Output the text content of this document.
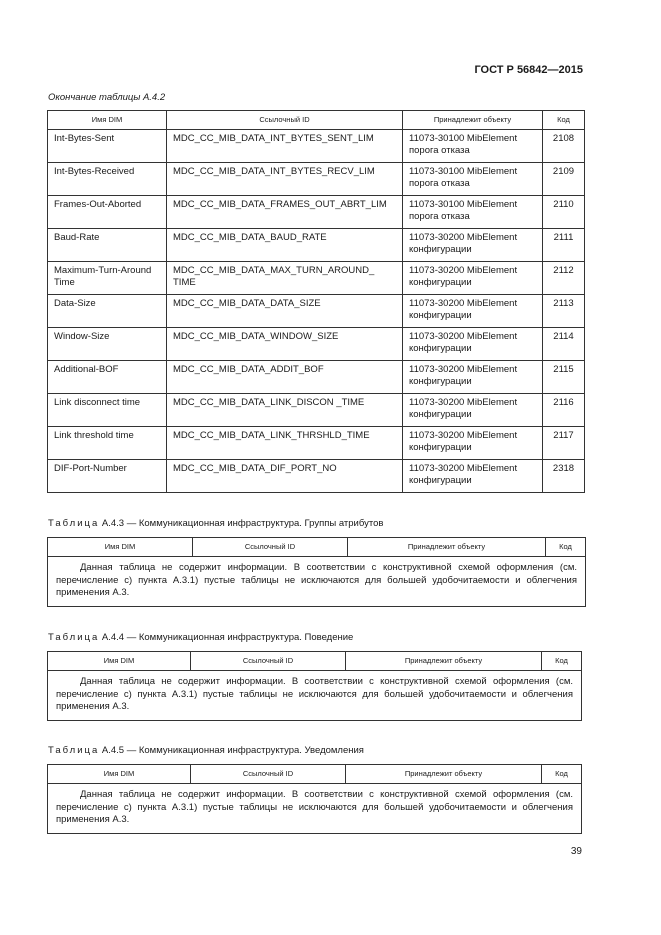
ГОСТ Р 56842—2015
Окончание таблицы А.4.2
Имя DIM	Ссылочный ID	Принадлежит объекту	Код
Int-Bytes-Sent	MDC_CC_MIB_DATA_INT_BYTES_SENT_LIM	11073-30100 MibElement порога отказа	2108
Int-Bytes-Received	MDC_CC_MIB_DATA_INT_BYTES_RECV_LIM	11073-30100 MibElement порога отказа	2109
Frames-Out-Aborted	MDC_CC_MIB_DATA_FRAMES_OUT_ABRT_LIM	11073-30100 MibElement порога отказа	2110
Baud-Rate	MDC_CC_MIB_DATA_BAUD_RATE	11073-30200 MibElement конфигурации	2111
Maximum-Turn-Around Time	MDC_CC_MIB_DATA_MAX_TURN_AROUND_ TIME	11073-30200 MibElement конфигурации	2112
Data-Size	MDC_CC_MIB_DATA_DATA_SIZE	11073-30200 MibElement конфигурации	2113
Window-Size	MDC_CC_MIB_DATA_WINDOW_SIZE	11073-30200 MibElement конфигурации	2114
Additional-BOF	MDC_CC_MIB_DATA_ADDIT_BOF	11073-30200 MibElement конфигурации	2115
Link disconnect time	MDC_CC_MIB_DATA_LINK_DISCON _TIME	11073-30200 MibElement конфигурации	2116
Link threshold time	MDC_CC_MIB_DATA_LINK_THRSHLD_TIME	11073-30200 MibElement конфигурации	2117
DIF-Port-Number	MDC_CC_MIB_DATA_DIF_PORT_NO	11073-30200 MibElement конфигурации	2318
Таблица А.4.3 — Коммуникационная инфраструктура. Группы атрибутов
Имя DIM	Ссылочный ID	Принадлежит объекту	Код

Данная таблица не содержит информации. В соответствии с конструктивной схемой оформления (см. перечисление с) пункта А.3.1) пустые таблицы не исключаются для большей удобочитаемости и облегчения применения А.3.
Таблица А.4.4 — Коммуникационная инфраструктура. Поведение
Имя DIM	Ссылочный ID	Принадлежит объекту	Код

Данная таблица не содержит информации. В соответствии с конструктивной схемой оформления (см. перечисление с) пункта А.3.1) пустые таблицы не исключаются для большей удобочитаемости и облегчения применения А.3.
Таблица А.4.5 — Коммуникационная инфраструктура. Уведомления
Имя DIM	Ссылочный ID	Принадлежит объекту	Код

Данная таблица не содержит информации. В соответствии с конструктивной схемой оформления (см. перечисление с) пункта А.3.1) пустые таблицы не исключаются для большей удобочитаемости и облегчения применения А.3.
39
